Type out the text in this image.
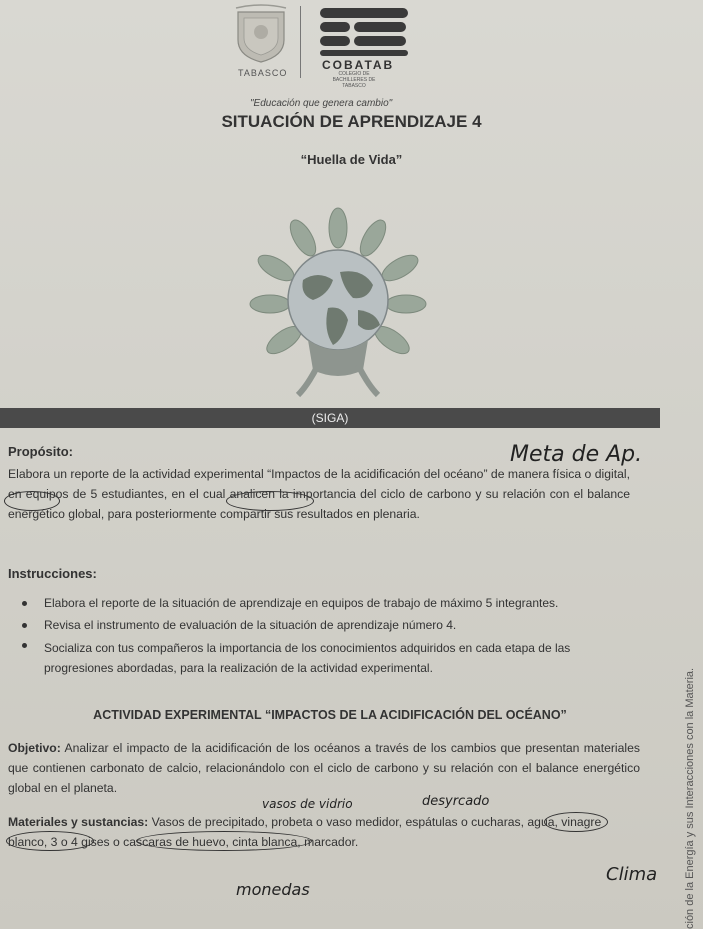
TABASCO
COBATAB
COLEGIO DE BACHILLERES DE TABASCO
"Educación que genera cambio"
SITUACIÓN DE APRENDIZAJE 4
“Huella de Vida”
(SIGA)
Propósito:
Elabora un reporte de la actividad experimental “Impactos de la acidificación del océano” de manera física o digital, en equipos de 5 estudiantes, en el cual analicen la importancia del ciclo de carbono y su relación con el balance energético global, para posteriormente compartir sus resultados en plenaria.
Meta de Ap.
Instrucciones:
Elabora el reporte de la situación de aprendizaje en equipos de trabajo de máximo 5 integrantes.
Revisa el instrumento de evaluación de la situación de aprendizaje número 4.
Socializa con tus compañeros la importancia de los conocimientos adquiridos en cada etapa de las progresiones abordadas, para la realización de la actividad experimental.
ACTIVIDAD EXPERIMENTAL “IMPACTOS DE LA ACIDIFICACIÓN DEL OCÉANO”
Objetivo: Analizar el impacto de la acidificación de los océanos a través de los cambios que presentan materiales que contienen carbonato de calcio, relacionándolo con el ciclo de carbono y su relación con el balance energético global en el planeta.
vasos de vidrio	desyrcado
Materiales y sustancias: Vasos de precipitado, probeta o vaso medidor, espátulas o cucharas, agua, vinagre blanco, 3 o 4 gises o cascaras de huevo, cinta blanca, marcador.
monedas
Clima ción de la Energía y sus Interacciones con la Materia.
